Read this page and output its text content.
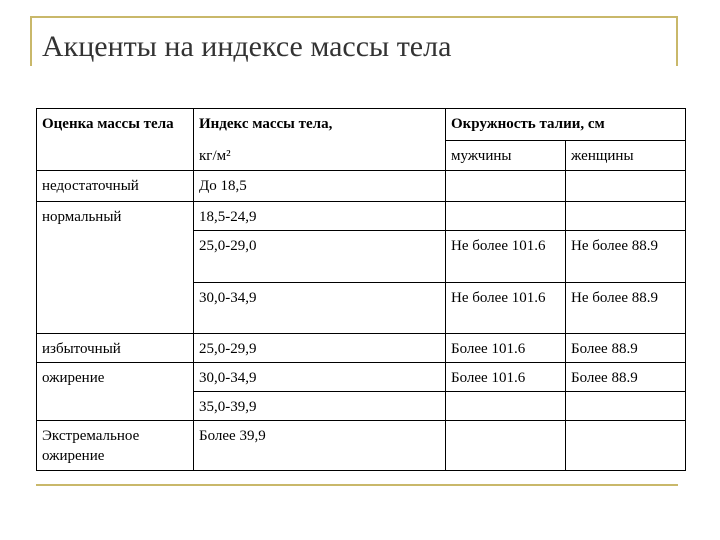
Акценты на индексе массы тела
Оценка массы тела	Индекс массы тела,	Окружность талии, см	
	кг/м²	мужчины	женщины
недостаточный	До 18,5		
нормальный	18,5-24,9		
	25,0-29,0	Не более 101.6	Не более 88.9
	30,0-34,9	Не более 101.6	Не более 88.9
избыточный	25,0-29,9	Более 101.6	Более 88.9
ожирение	30,0-34,9	Более 101.6	Более 88.9
	35,0-39,9		
Экстремальное ожирение	Более 39,9		
